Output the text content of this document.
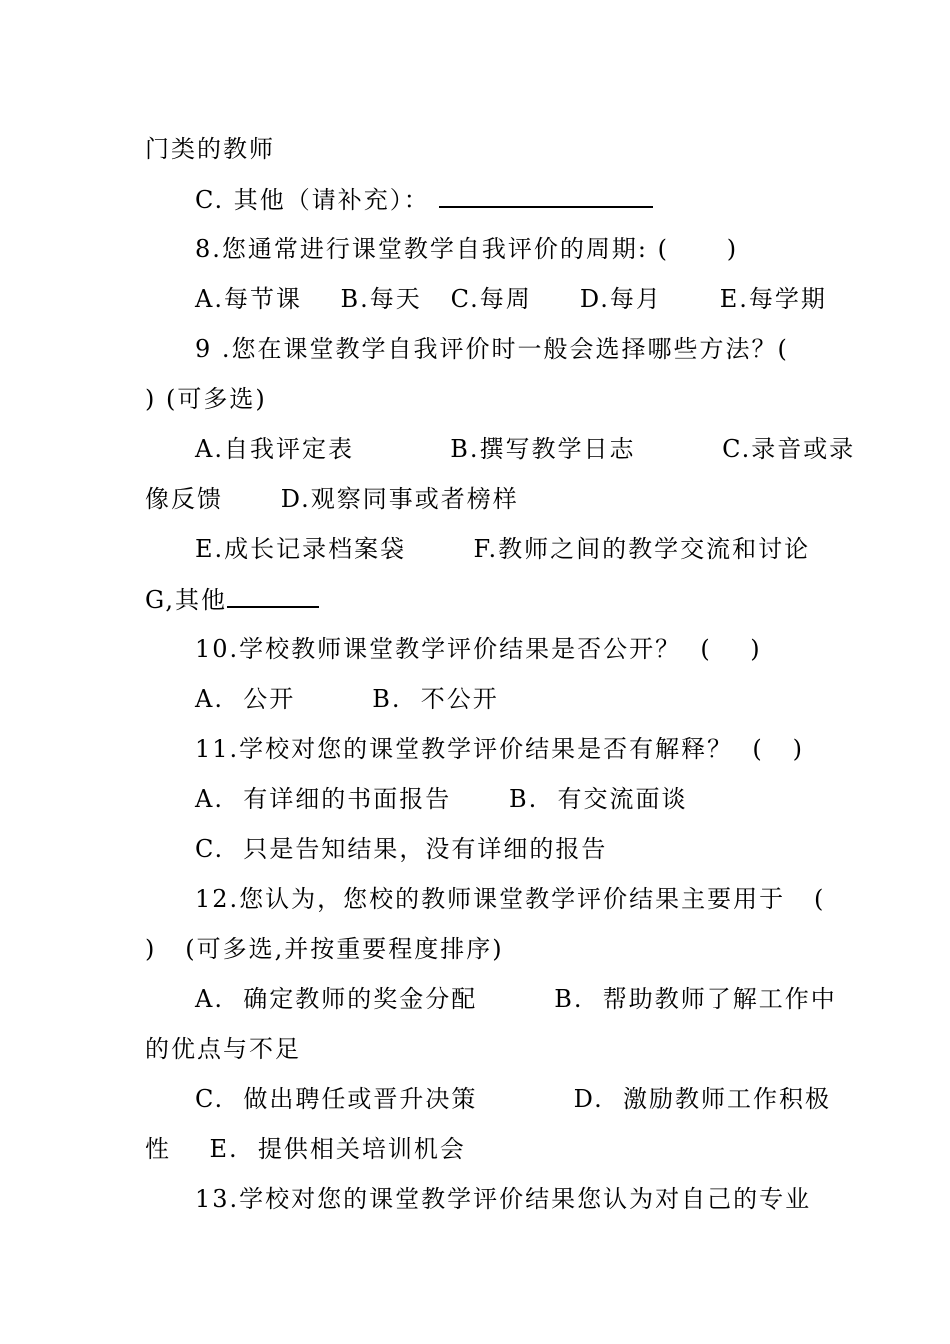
门类的教师
C. 其他（请补充）：
8.您通常进行课堂教学自我评价的周期: (      )
A.每节课    B.每天   C.每周     D.每月      E.每学期
9 .您在课堂教学自我评价时一般会选择哪些方法？(
) (可多选)
A.自我评定表          B.撰写教学日志         C.录音或录
像反馈      D.观察同事或者榜样
E.成长记录档案袋       F.教师之间的教学交流和讨论
G,其他
10.学校教师课堂教学评价结果是否公开？  (    )
A.  公开        B.  不公开
11.学校对您的课堂教学评价结果是否有解释？  (   )
A.  有详细的书面报告      B.  有交流面谈
C.  只是告知结果，没有详细的报告
12.您认为，您校的教师课堂教学评价结果主要用于   (
)   (可多选,并按重要程度排序)
A.  确定教师的奖金分配        B.  帮助教师了解工作中
的优点与不足
C.  做出聘任或晋升决策          D.  激励教师工作积极
性    E.  提供相关培训机会
13.学校对您的课堂教学评价结果您认为对自己的专业
